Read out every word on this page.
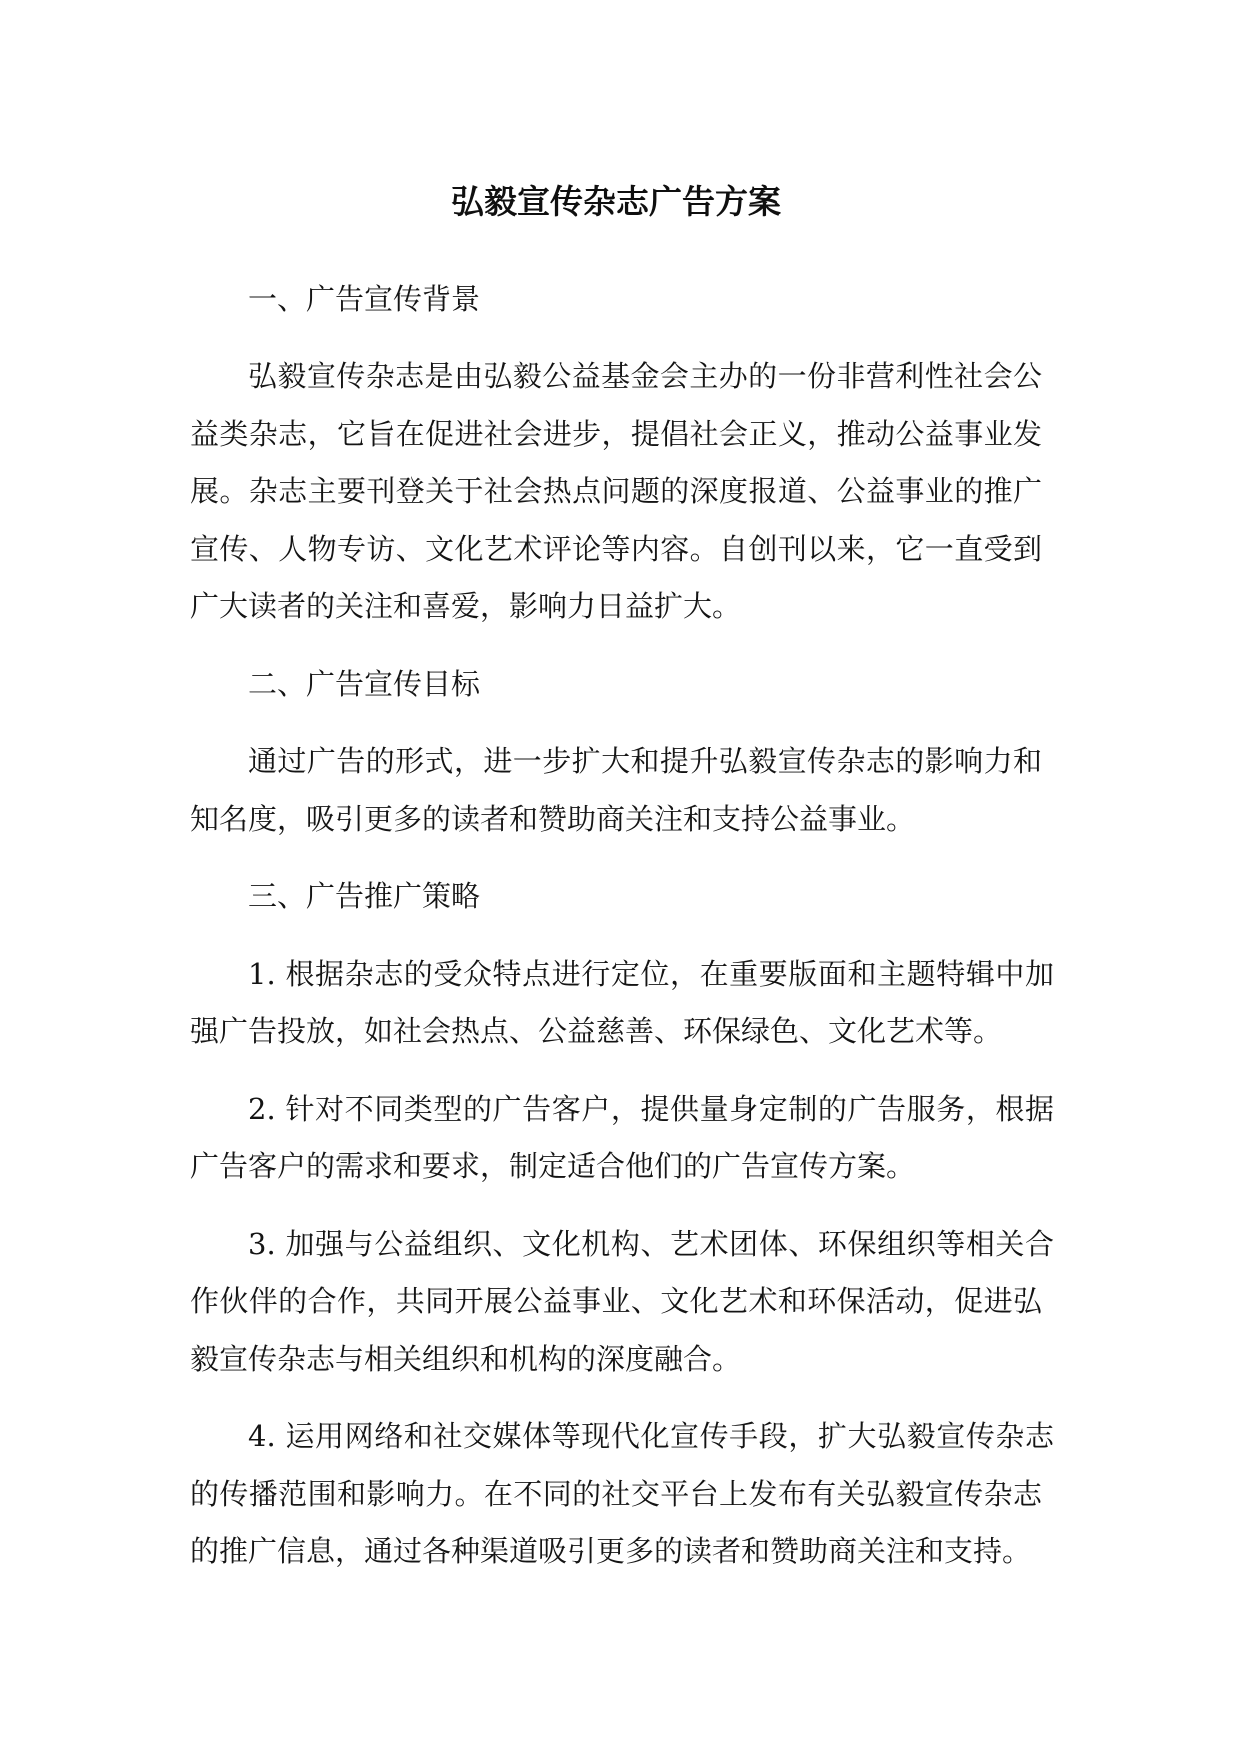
弘毅宣传杂志广告方案
一、广告宣传背景
弘毅宣传杂志是由弘毅公益基金会主办的一份非营利性社会公
益类杂志，它旨在促进社会进步，提倡社会正义，推动公益事业发
展。杂志主要刊登关于社会热点问题的深度报道、公益事业的推广
宣传、人物专访、文化艺术评论等内容。自创刊以来，它一直受到
广大读者的关注和喜爱，影响力日益扩大。
二、广告宣传目标
通过广告的形式，进一步扩大和提升弘毅宣传杂志的影响力和
知名度，吸引更多的读者和赞助商关注和支持公益事业。
三、广告推广策略
1. 根据杂志的受众特点进行定位，在重要版面和主题特辑中加
强广告投放，如社会热点、公益慈善、环保绿色、文化艺术等。
2. 针对不同类型的广告客户，提供量身定制的广告服务，根据
广告客户的需求和要求，制定适合他们的广告宣传方案。
3. 加强与公益组织、文化机构、艺术团体、环保组织等相关合
作伙伴的合作，共同开展公益事业、文化艺术和环保活动，促进弘
毅宣传杂志与相关组织和机构的深度融合。
4. 运用网络和社交媒体等现代化宣传手段，扩大弘毅宣传杂志
的传播范围和影响力。在不同的社交平台上发布有关弘毅宣传杂志
的推广信息，通过各种渠道吸引更多的读者和赞助商关注和支持。
